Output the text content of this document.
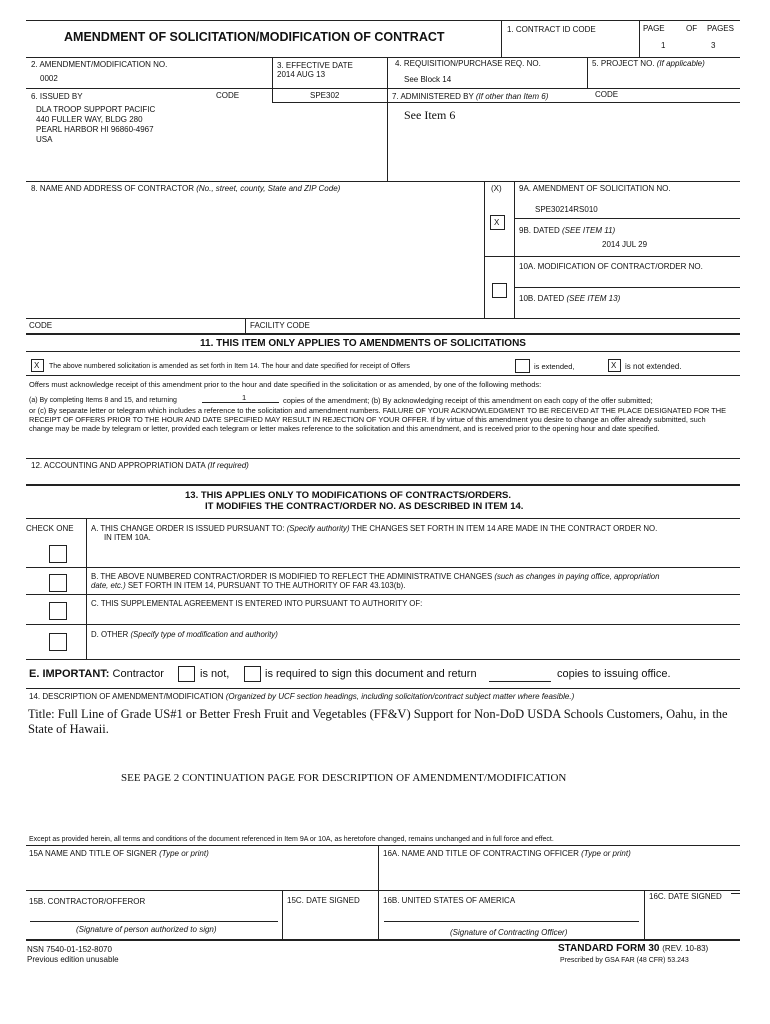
AMENDMENT OF SOLICITATION/MODIFICATION OF CONTRACT
1. CONTRACT ID CODE	PAGE	OF PAGES
1	3
2. AMENDMENT/MODIFICATION NO.
0002
3. EFFECTIVE DATE
2014 AUG 13
4. REQUISITION/PURCHASE REQ. NO.
See Block 14
5. PROJECT NO. (If applicable)
6. ISSUED BY	CODE	SPE302
DLA TROOP SUPPORT PACIFIC
440 FULLER WAY, BLDG 280
PEARL HARBOR HI 96860-4967
USA
7. ADMINISTERED BY (If other than Item 6)	CODE
See Item 6
8. NAME AND ADDRESS OF CONTRACTOR (No., street, county, State and ZIP Code)	(X) 9A. AMENDMENT OF SOLICITATION NO.
SPE30214RS010
X
9B. DATED (SEE ITEM 11)
2014 JUL 29
10A. MODIFICATION OF CONTRACT/ORDER NO.
10B. DATED (SEE ITEM 13)
CODE	FACILITY CODE
11. THIS ITEM ONLY APPLIES TO AMENDMENTS OF SOLICITATIONS
X The above numbered solicitation is amended as set forth in Item 14. The hour and date specified for receipt of Offers	is extended,	X is not extended.
Offers must acknowledge receipt of this amendment prior to the hour and date specified in the solicitation or as amended, by one of the following methods:
(a) By completing Items 8 and 15, and returning	1	copies of the amendment; (b) By acknowledging receipt of this amendment on each copy of the offer submitted;
or (c) By separate letter or telegram which includes a reference to the solicitation and amendment numbers. FAILURE OF YOUR ACKNOWLEDGMENT TO BE RECEIVED AT THE PLACE DESIGNATED FOR THE RECEIPT OF OFFERS PRIOR TO THE HOUR AND DATE SPECIFIED MAY RESULT IN REJECTION OF YOUR OFFER. If by virtue of this amendment you desire to change an offer already submitted, such change may be made by telegram or letter, provided each telegram or letter makes reference to the solicitation and this amendment, and is received prior to the opening hour and date specified.
12. ACCOUNTING AND APPROPRIATION DATA (If required)
13. THIS APPLIES ONLY TO MODIFICATIONS OF CONTRACTS/ORDERS.
IT MODIFIES THE CONTRACT/ORDER NO. AS DESCRIBED IN ITEM 14.
CHECK ONE A. THIS CHANGE ORDER IS ISSUED PURSUANT TO: (Specify authority) THE CHANGES SET FORTH IN ITEM 14 ARE MADE IN THE CONTRACT ORDER NO.
IN ITEM 10A.
B. THE ABOVE NUMBERED CONTRACT/ORDER IS MODIFIED TO REFLECT THE ADMINISTRATIVE CHANGES (such as changes in paying office, appropriation
date, etc.) SET FORTH IN ITEM 14, PURSUANT TO THE AUTHORITY OF FAR 43.103(b).
C. THIS SUPPLEMENTAL AGREEMENT IS ENTERED INTO PURSUANT TO AUTHORITY OF:
D. OTHER (Specify type of modification and authority)
E. IMPORTANT: Contractor	is not,	is required to sign this document and return	copies to issuing office.
14. DESCRIPTION OF AMENDMENT/MODIFICATION (Organized by UCF section headings, including solicitation/contract subject matter where feasible.)
Title: Full Line of Grade US#1 or Better Fresh Fruit and Vegetables (FF&V) Support for Non-DoD USDA Schools Customers, Oahu, in the State of Hawaii.
SEE PAGE 2 CONTINUATION PAGE FOR DESCRIPTION OF AMENDMENT/MODIFICATION
Except as provided herein, all terms and conditions of the document referenced in Item 9A or 10A, as heretofore changed, remains unchanged and in full force and effect.
15A NAME AND TITLE OF SIGNER (Type or print)	16A. NAME AND TITLE OF CONTRACTING OFFICER (Type or print)
15B. CONTRACTOR/OFFEROR	15C. DATE SIGNED	16B. UNITED STATES OF AMERICA	16C. DATE SIGNED
(Signature of person authorized to sign)	(Signature of Contracting Officer)
NSN 7540-01-152-8070
Previous edition unusable
STANDARD FORM 30 (REV. 10-83)
Prescribed by GSA FAR (48 CFR) 53.243
